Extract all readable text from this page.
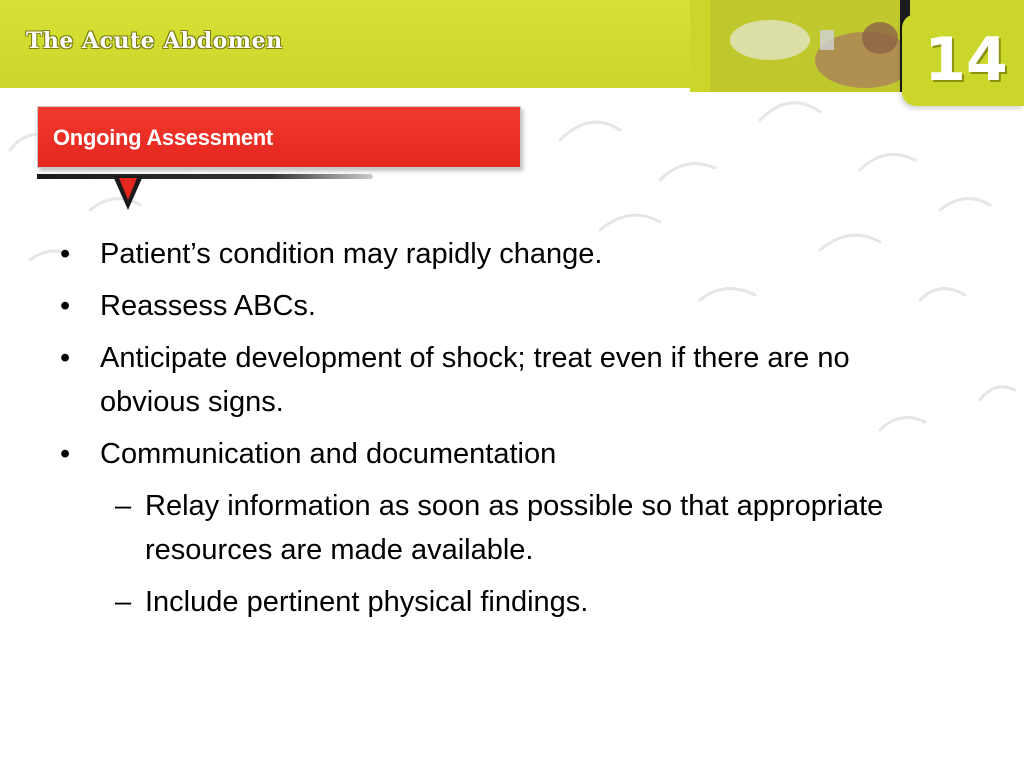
The Acute Abdomen	14
Ongoing Assessment
• Patient’s condition may rapidly change.
• Reassess ABCs.
• Anticipate development of shock; treat even if there are no obvious signs.
• Communication and documentation
– Relay information as soon as possible so that appropriate resources are made available.
– Include pertinent physical findings.
